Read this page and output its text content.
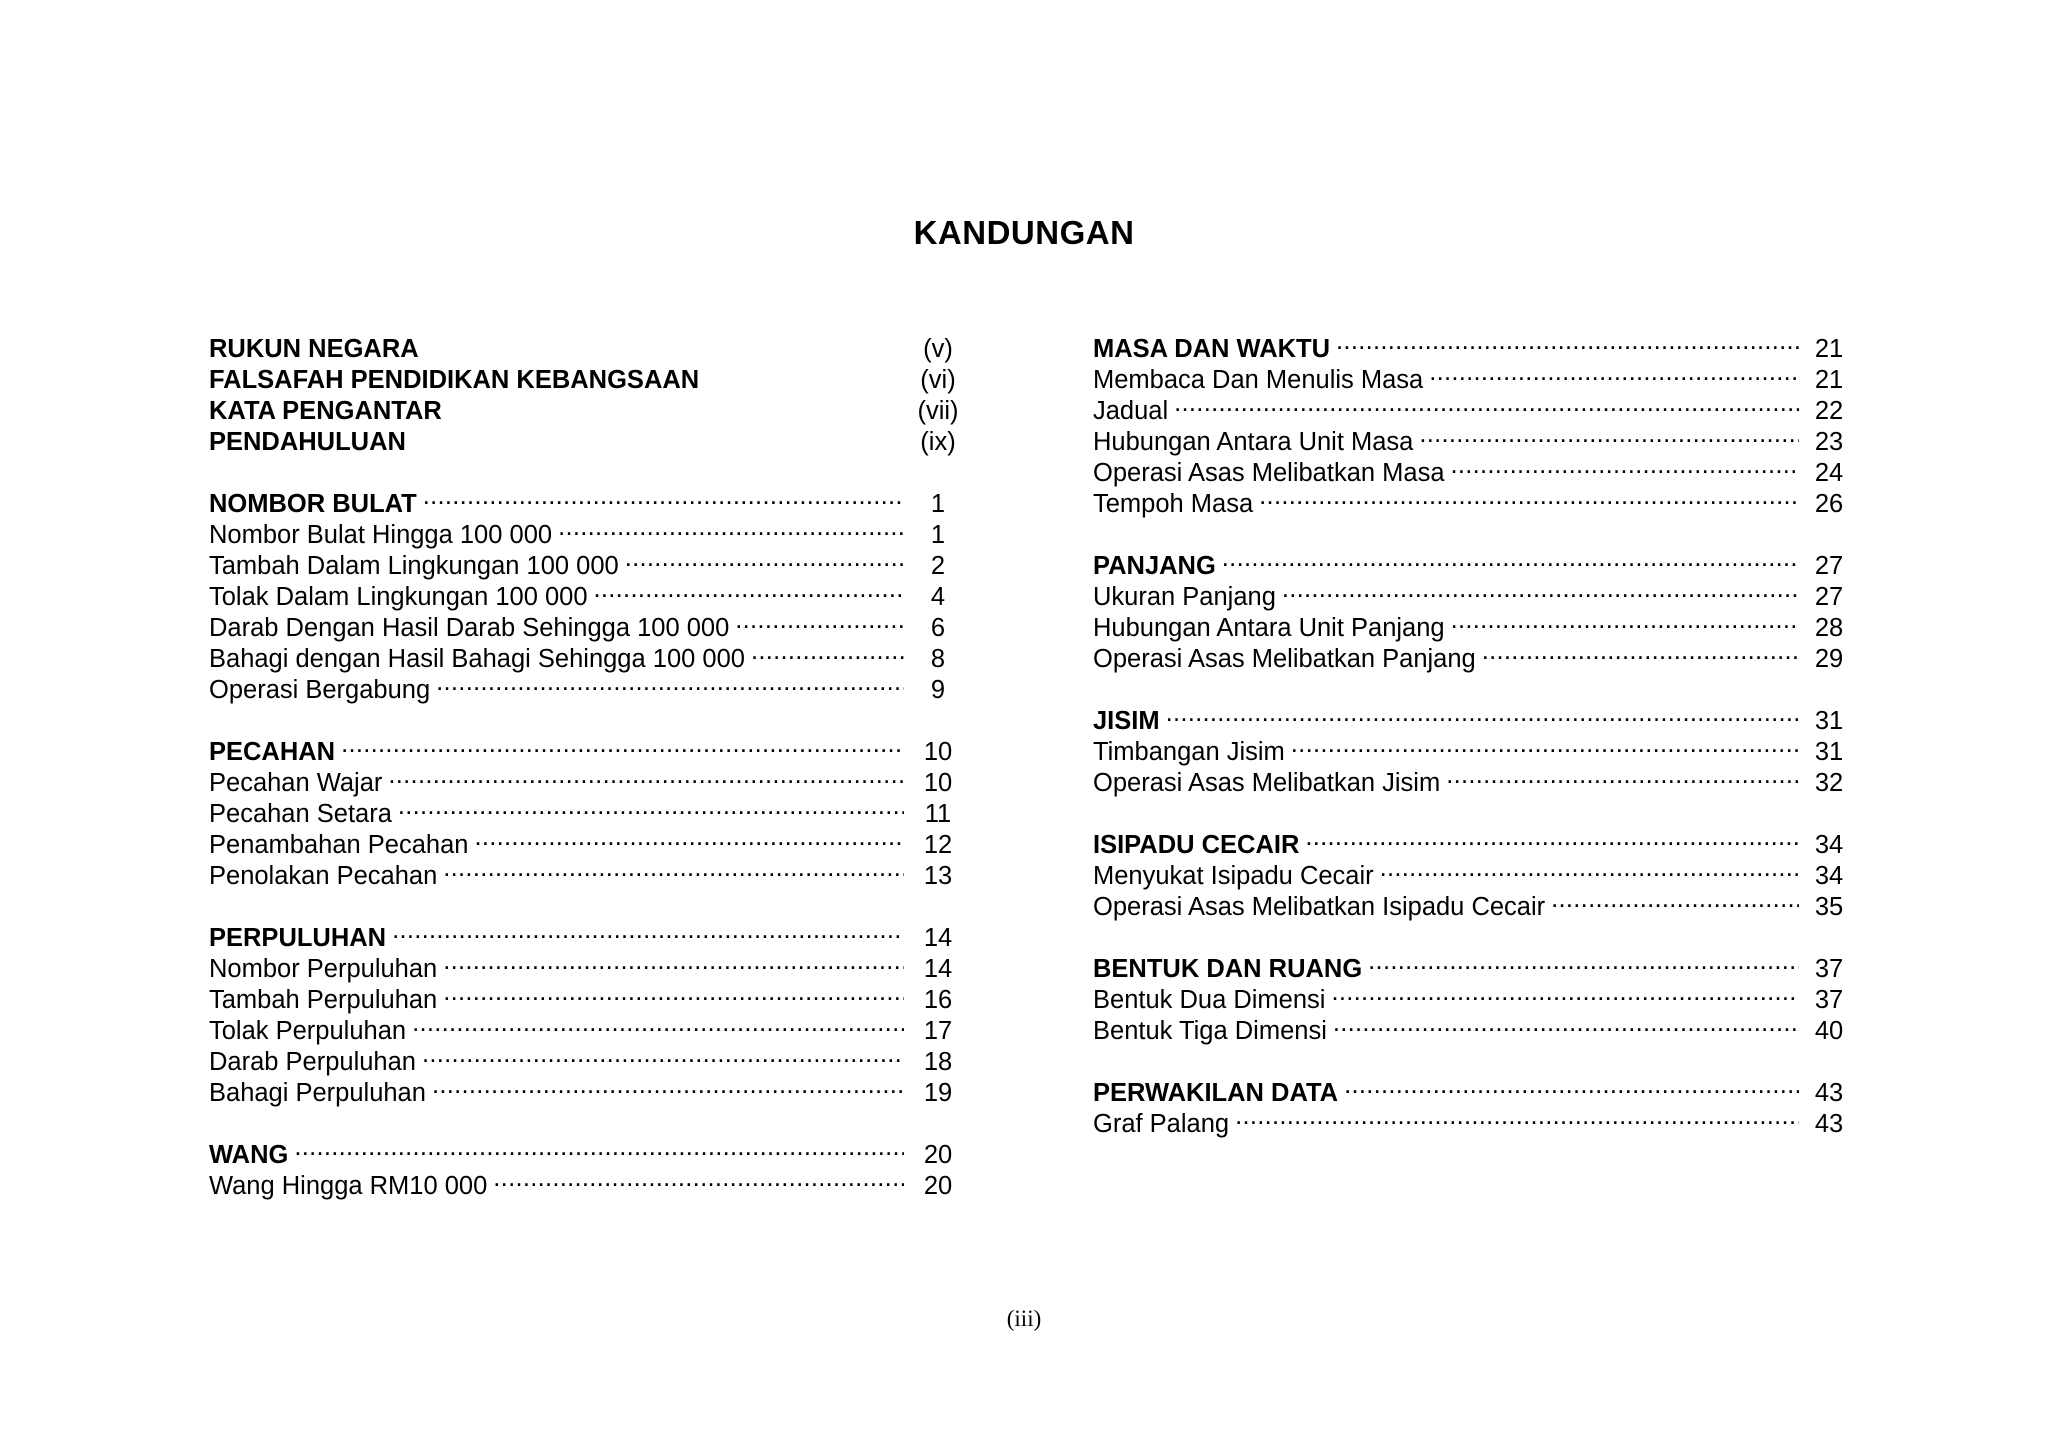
KANDUNGAN
RUKUN NEGARA	(v)
FALSAFAH PENDIDIKAN KEBANGSAAN	(vi)
KATA PENGANTAR	(vii)
PENDAHULUAN	(ix)
NOMBOR BULAT .....	1
Nombor Bulat Hingga 100 000 .....	1
Tambah Dalam Lingkungan 100 000 .....	2
Tolak Dalam Lingkungan 100 000 .....	4
Darab Dengan Hasil Darab Sehingga 100 000 .....	6
Bahagi dengan Hasil Bahagi Sehingga 100 000 .....	8
Operasi Bergabung .....	9
PECAHAN .....	10
Pecahan Wajar .....	10
Pecahan Setara .....	11
Penambahan Pecahan .....	12
Penolakan Pecahan .....	13
PERPULUHAN .....	14
Nombor Perpuluhan .....	14
Tambah Perpuluhan .....	16
Tolak Perpuluhan .....	17
Darab Perpuluhan .....	18
Bahagi Perpuluhan .....	19
WANG .....	20
Wang Hingga RM10 000 .....	20
MASA DAN WAKTU .....	21
Membaca Dan Menulis Masa .....	21
Jadual .....	22
Hubungan Antara Unit Masa .....	23
Operasi Asas Melibatkan Masa .....	24
Tempoh Masa .....	26
PANJANG .....	27
Ukuran Panjang .....	27
Hubungan Antara Unit Panjang .....	28
Operasi Asas Melibatkan Panjang .....	29
JISIM .....	31
Timbangan Jisim .....	31
Operasi Asas Melibatkan Jisim .....	32
ISIPADU CECAIR .....	34
Menyukat Isipadu Cecair .....	34
Operasi Asas Melibatkan Isipadu Cecair .....	35
BENTUK DAN RUANG .....	37
Bentuk Dua Dimensi .....	37
Bentuk Tiga Dimensi .....	40
PERWAKILAN DATA .....	43
Graf Palang .....	43
(iii)
